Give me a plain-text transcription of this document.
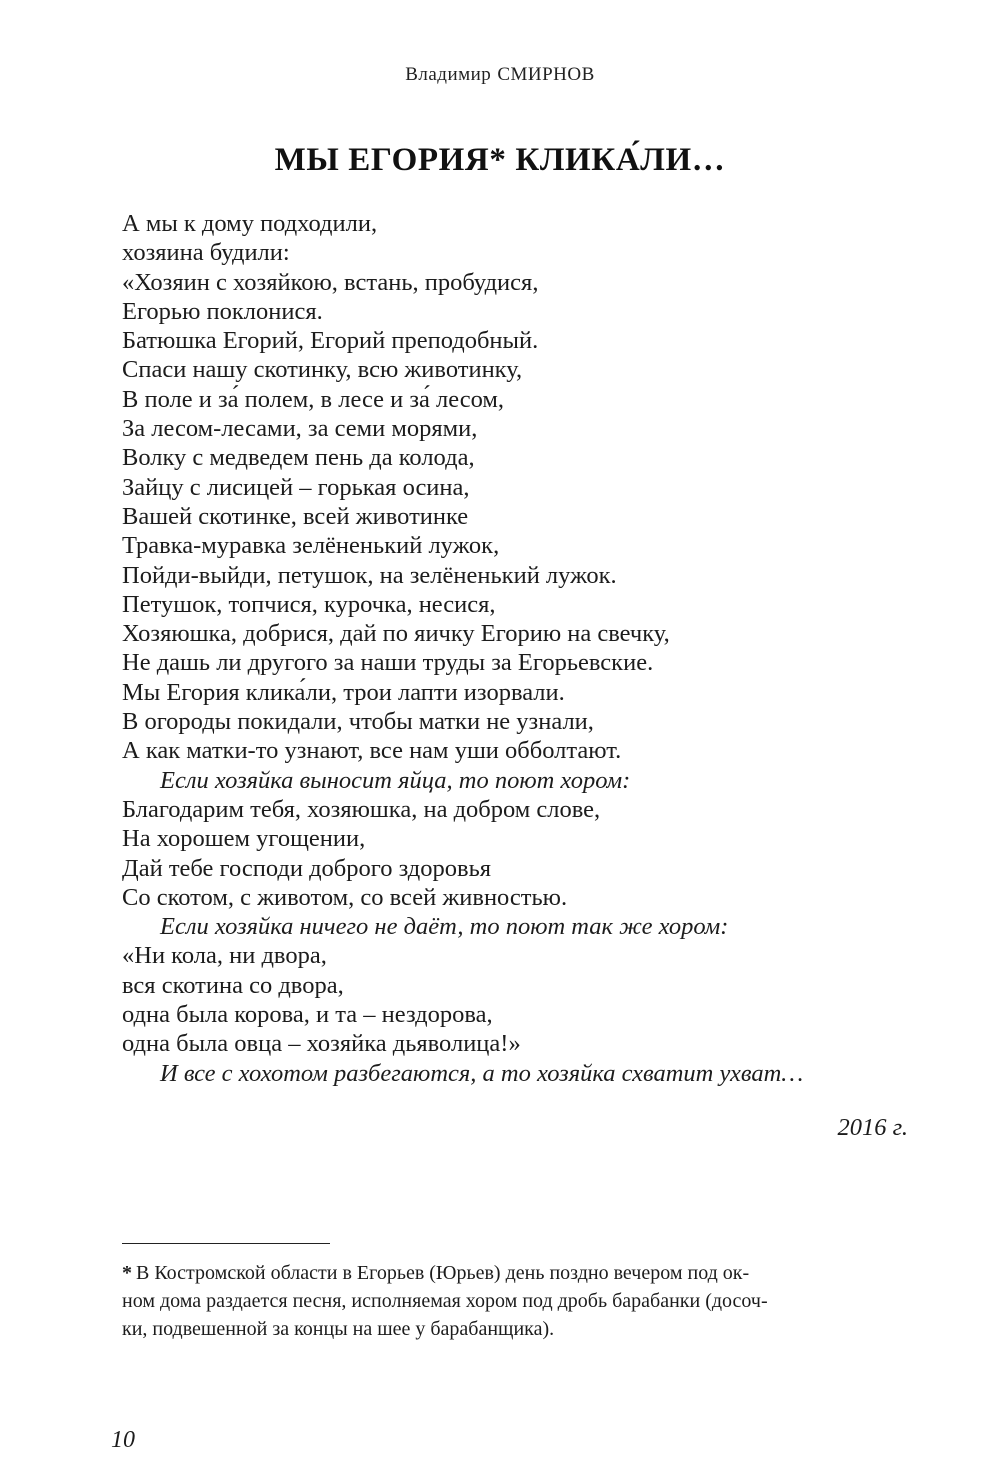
Владимир СМИРНОВ
МЫ ЕГОРИЯ* КЛИКА́ЛИ…
А мы к дому подходили,
хозяина будили:
«Хозяин с хозяйкою, встань, пробудися,
Егорью поклонися.
Батюшка Егорий, Егорий преподобный.
Спаси нашу скотинку, всю животинку,
В поле и за́ полем, в лесе и за́ лесом,
За лесом-лесами, за семи морями,
Волку с медведем пень да колода,
Зайцу с лисицей – горькая осина,
Вашей скотинке, всей животинке
Травка-муравка зелёненький лужок,
Пойди-выйди, петушок, на зелёненький лужок.
Петушок, топчися, курочка, несися,
Хозяюшка, добрися, дай по яичку Егорию на свечку,
Не дашь ли другого за наши труды за Егорьевские.
Мы Егория клика́ли, трои лапти изорвали.
В огороды покидали, чтобы матки не узнали,
А как матки-то узнают, все нам уши обболтают.
Если хозяйка выносит яйца, то поют хором:
Благодарим тебя, хозяюшка, на добром слове,
На хорошем угощении,
Дай тебе господи доброго здоровья
Со скотом, с животом, со всей живностью.
Если хозяйка ничего не даёт, то поют так же хором:
«Ни кола, ни двора,
вся скотина со двора,
одна была корова, и та – нездорова,
одна была овца – хозяйка дьяволица!»
И все с хохотом разбегаются, а то хозяйка схватит ухват…
2016 г.
* В Костромской области в Егорьев (Юрьев) день поздно вечером под ок-
ном дома раздается песня, исполняемая хором под дробь барабанки (досоч-
ки, подвешенной за концы на шее у барабанщика).
10
